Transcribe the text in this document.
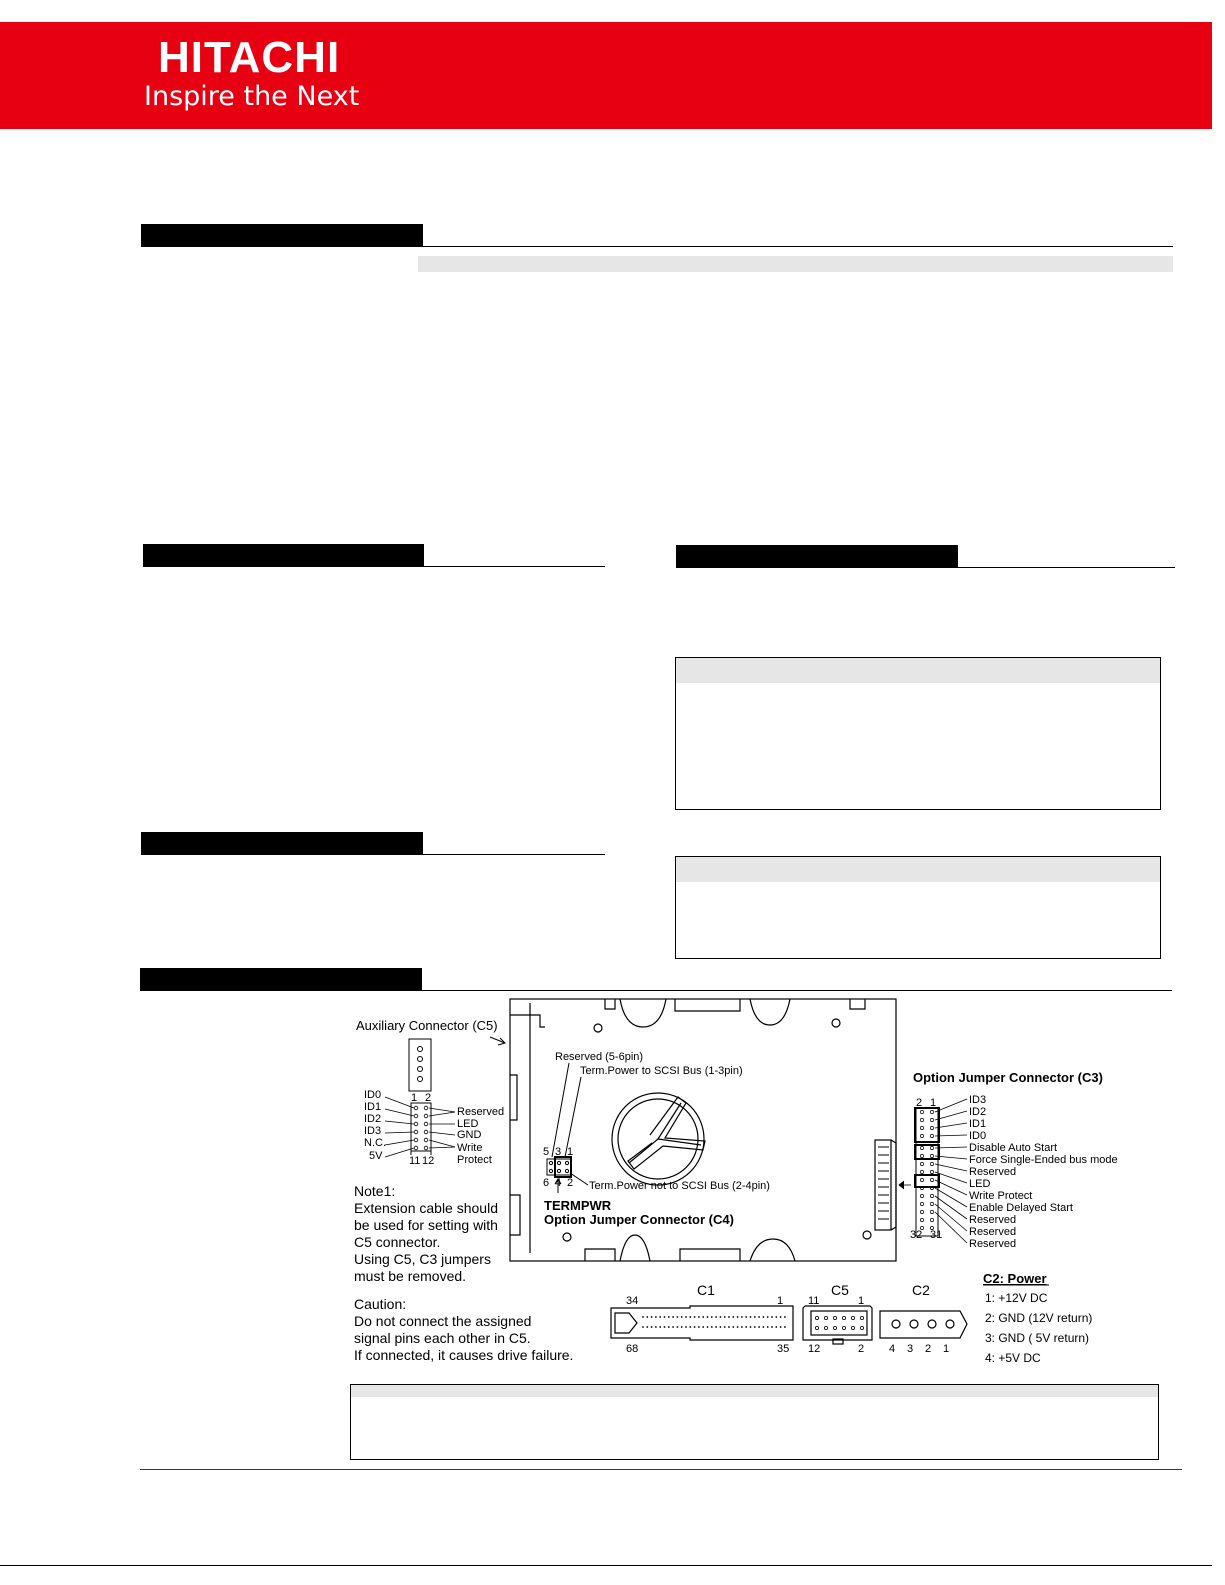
HITACHI
Inspire the Next
Auxiliary Connector (C5)
1 2
11 12
ID0
ID1
ID2
ID3
N.C.
5V
Reserved
LED
GND
Write
Protect
Reserved (5-6pin)
Term.Power to SCSI Bus (1-3pin)
5 3 1
6 4 2 Term.Power not to SCSI Bus (2-4pin)
TERMPWR
Option Jumper Connector (C4)
Option Jumper Connector (C3)
2 1	ID3
ID2
ID1
ID0
Disable Auto Start
Force Single-Ended bus mode
Reserved
LED
Write Protect
Enable Delayed Start
Reserved
Reserved
Reserved
32 31
Note1:
Extension cable should
be used for setting with
C5 connector.
Using C5, C3 jumpers
must be removed.
Caution:
Do not connect the assigned
signal pins each other in C5.
If connected, it causes drive failure.
C1	C5	C2
34	1
68	35
11	1
12	2 4 3 2 1
C2: Power
1: +12V DC
2: GND (12V return)
3: GND ( 5V return)
4: +5V DC
